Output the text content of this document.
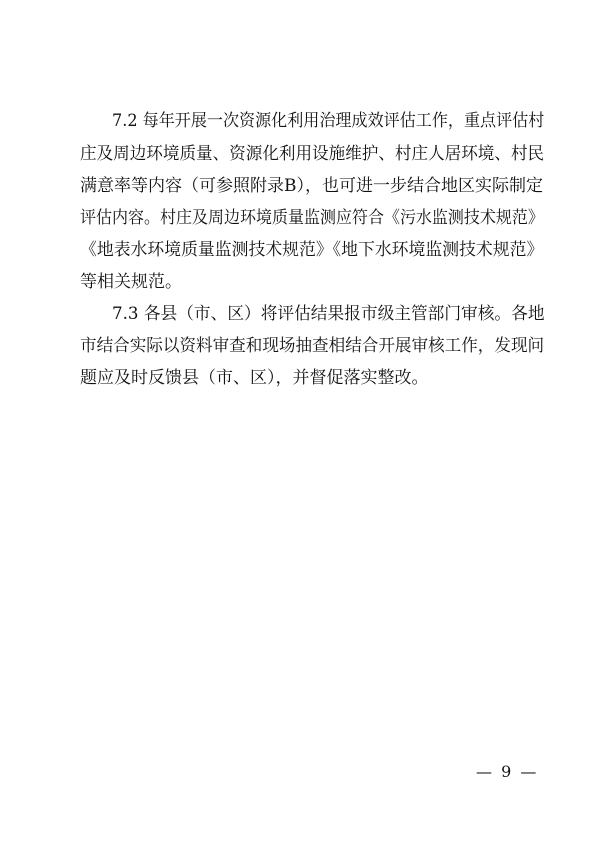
7.2 每年开展一次资源化利用治理成效评估工作，重点评估村
庄及周边环境质量、资源化利用设施维护、村庄人居环境、村民
满意率等内容（可参照附录B），也可进一步结合地区实际制定
评估内容。村庄及周边环境质量监测应符合《污水监测技术规范》
《地表水环境质量监测技术规范》《地下水环境监测技术规范》
等相关规范。
7.3 各县（市、区）将评估结果报市级主管部门审核。各地
市结合实际以资料审查和现场抽查相结合开展审核工作，发现问
题应及时反馈县（市、区），并督促落实整改。
— 9 —
